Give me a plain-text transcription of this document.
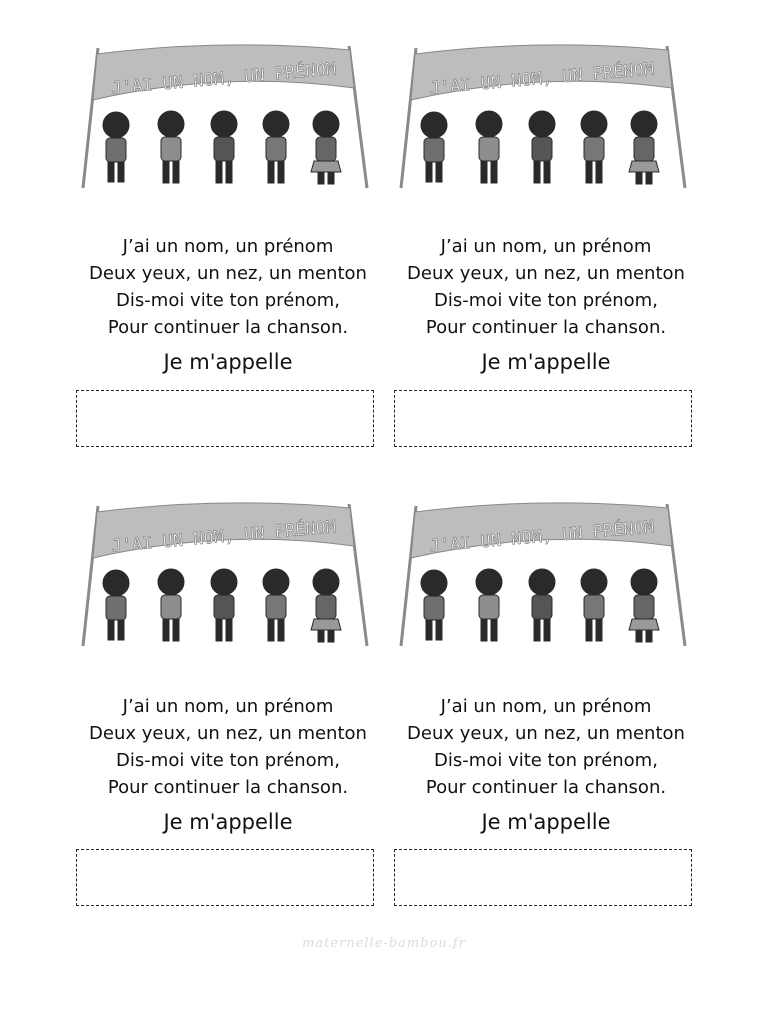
J'AI UN NOM, UN PRÉNOM
J’ai un nom, un prénom
Deux yeux, un nez, un menton
Dis-moi vite ton prénom,
Pour continuer la chanson.
Je m'appelle
J'AI UN NOM, UN PRÉNOM
J’ai un nom, un prénom
Deux yeux, un nez, un menton
Dis-moi vite ton prénom,
Pour continuer la chanson.
Je m'appelle
J'AI UN NOM, UN PRÉNOM
J’ai un nom, un prénom
Deux yeux, un nez, un menton
Dis-moi vite ton prénom,
Pour continuer la chanson.
Je m'appelle
J'AI UN NOM, UN PRÉNOM
J’ai un nom, un prénom
Deux yeux, un nez, un menton
Dis-moi vite ton prénom,
Pour continuer la chanson.
Je m'appelle
maternelle-bambou.fr
